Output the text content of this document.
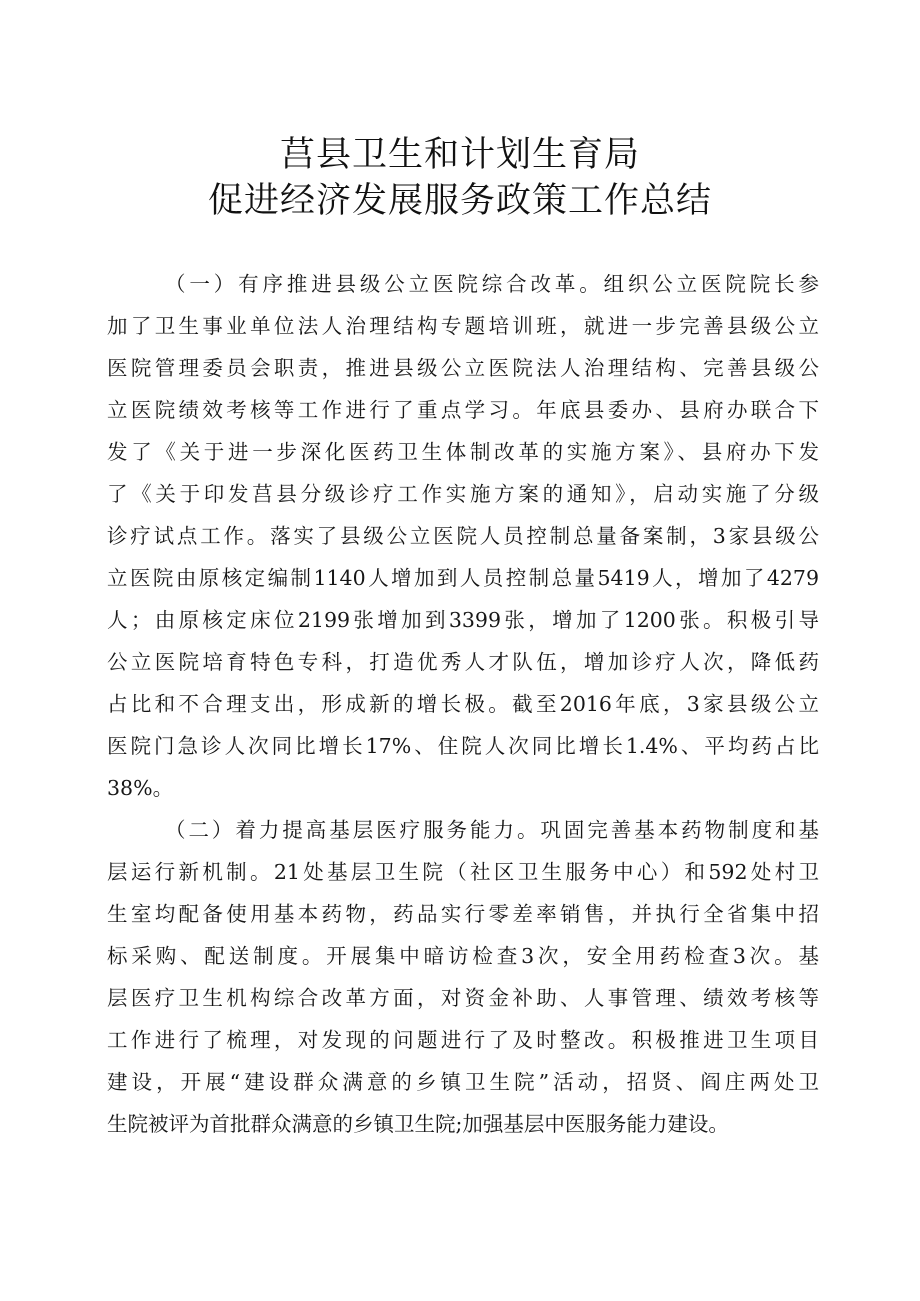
莒县卫生和计划生育局
促进经济发展服务政策工作总结
（一）有序推进县级公立医院综合改革。组织公立医院院长参
加了卫生事业单位法人治理结构专题培训班，就进一步完善县级公立
医院管理委员会职责，推进县级公立医院法人治理结构、完善县级公
立医院绩效考核等工作进行了重点学习。年底县委办、县府办联合下
发了《关于进一步深化医药卫生体制改革的实施方案》、县府办下发
了《关于印发莒县分级诊疗工作实施方案的通知》，启动实施了分级
诊疗试点工作。落实了县级公立医院人员控制总量备案制，3家县级公
立医院由原核定编制1140人增加到人员控制总量5419人，增加了4279
人；由原核定床位2199张增加到3399张，增加了1200张。积极引导
公立医院培育特色专科，打造优秀人才队伍，增加诊疗人次，降低药
占比和不合理支出，形成新的增长极。截至2016年底，3家县级公立
医院门急诊人次同比增长17%、住院人次同比增长1.4%、平均药占比
38%。
（二）着力提高基层医疗服务能力。巩固完善基本药物制度和基
层运行新机制。21处基层卫生院（社区卫生服务中心）和592处村卫
生室均配备使用基本药物，药品实行零差率销售，并执行全省集中招
标采购、配送制度。开展集中暗访检查3次，安全用药检查3次。基
层医疗卫生机构综合改革方面，对资金补助、人事管理、绩效考核等
工作进行了梳理，对发现的问题进行了及时整改。积极推进卫生项目
建设，开展“建设群众满意的乡镇卫生院”活动，招贤、阎庄两处卫
生院被评为首批群众满意的乡镇卫生院;加强基层中医服务能力建设。
